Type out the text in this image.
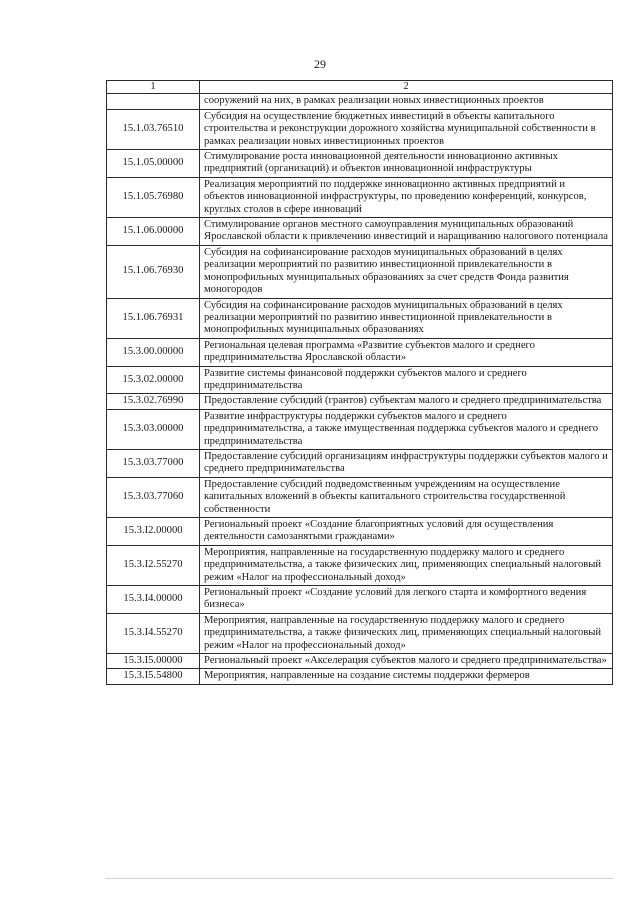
29
1	2
	сооружений на них, в рамках реализации новых инвестиционных проектов
15.1.03.76510	Субсидия на осуществление бюджетных инвестиций в объекты капитального строительства и реконструкции дорожного хозяйства муниципальной собственности в рамках реализации новых инвестиционных проектов
15.1.05.00000	Стимулирование роста инновационной деятельности инновационно активных предприятий (организаций) и объектов инновационной инфраструктуры
15.1.05.76980	Реализация мероприятий по поддержке инновационно активных предприятий и объектов инновационной инфраструктуры, по проведению конференций, конкурсов, круглых столов в сфере инноваций
15.1.06.00000	Стимулирование органов местного самоуправления муниципальных образований Ярославской области к привлечению инвестиций и наращиванию налогового потенциала
15.1.06.76930	Субсидия на софинансирование расходов муниципальных образований в целях реализации мероприятий по развитию инвестиционной привлекательности в монопрофильных муниципальных образованиях за счет средств Фонда развития моногородов
15.1.06.76931	Субсидия на софинансирование расходов муниципальных образований в целях реализации мероприятий по развитию инвестиционной привлекательности в монопрофильных муниципальных образованиях
15.3.00.00000	Региональная целевая программа «Развитие субъектов малого и среднего предпринимательства Ярославской области»
15.3.02.00000	Развитие системы финансовой поддержки субъектов малого и среднего предпринимательства
15.3.02.76990	Предоставление субсидий (грантов) субъектам малого и среднего предпринимательства
15.3.03.00000	Развитие инфраструктуры поддержки субъектов малого и среднего предпринимательства, а также имущественная поддержка субъектов малого и среднего предпринимательства
15.3.03.77000	Предоставление субсидий организациям инфраструктуры поддержки субъектов малого и среднего предпринимательства
15.3.03.77060	Предоставление субсидий подведомственным учреждениям на осуществление капитальных вложений в объекты капитального строительства государственной собственности
15.3.I2.00000	Региональный проект «Создание благоприятных условий для осуществления деятельности самозанятыми гражданами»
15.3.I2.55270	Мероприятия, направленные на государственную поддержку малого и среднего предпринимательства, а также физических лиц, применяющих специальный налоговый режим «Налог на профессиональный доход»
15.3.I4.00000	Региональный проект «Создание условий для легкого старта и комфортного ведения бизнеса»
15.3.I4.55270	Мероприятия, направленные на государственную поддержку малого и среднего предпринимательства, а также физических лиц, применяющих специальный налоговый режим «Налог на профессиональный доход»
15.3.I5.00000	Региональный проект «Акселерация субъектов малого и среднего предпринимательства»
15.3.I5.54800	Мероприятия, направленные на создание системы поддержки фермеров
